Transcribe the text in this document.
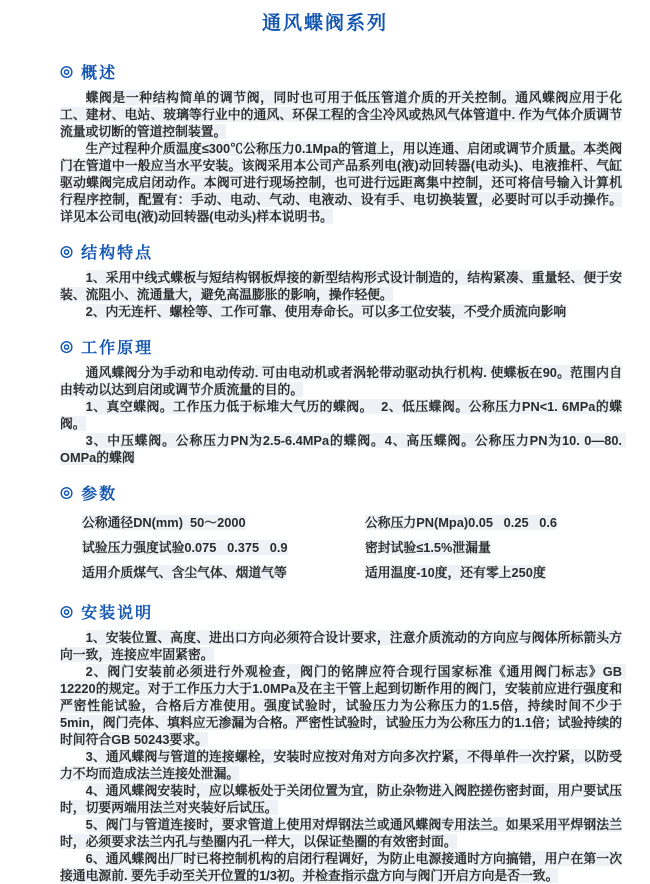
通风蝶阀系列
◎ 概述

蝶阀是一种结构简单的调节阀，同时也可用于低压管道介质的开关控制。通风蝶阀应用于化工、建材、电站、玻璃等行业中的通风、环保工程的含尘冷风或热风气体管道中. 作为气体介质调节流量或切断的管道控制装置。

生产过程种介质温度≤300℃公称压力0.1Mpa的管道上，用以连通、启闭或调节介质量。本类阀门在管道中一般应当水平安装。该阀采用本公司产品系列电(液)动回转器(电动头)、电液推杆、气缸驱动蝶阀完成启闭动作。本阀可进行现场控制，也可进行远距离集中控制，还可将信号输入计算机行程序控制，配置有：手动、电动、气动、电液动、设有手、电切换装置，必要时可以手动操作。详见本公司电(液)动回转器(电动头)样本说明书。

◎ 结构特点

1、采用中线式蝶板与短结构钢板焊接的新型结构形式设计制造的，结构紧凑、重量轻、便于安装、流阻小、流通量大，避免高温膨胀的影响，操作轻便。

2、内无连杆、螺栓等、工作可靠、使用寿命长。可以多工位安装，不受介质流向影响

◎ 工作原理

通风蝶阀分为手动和电动传动. 可由电动机或者涡轮带动驱动执行机构. 使蝶板在90。范围内自由转动以达到启闭或调节介质流量的目的。

1、真空蝶阀。工作压力低于标堆大气历的蝶阀。  2、低压蝶阀。公称压力PN<1. 6MPa的蝶阀。

3、中压蝶阀。公称压力PN为2.5-6.4MPa的蝶阀。4、高压蝶阀。公称压力PN为10. 0—80. OMPa的蝶阀

◎ 参数
公称通径DN(mm)  50～2000
试验压力强度试验0.075   0.375   0.9
适用介质煤气、含尘气体、烟道气等
公称压力PN(Mpa)0.05   0.25   0.6
密封试验≤1.5%泄漏量
适用温度-10度，还有零上250度
◎ 安装说明

1、安装位置、高度、进出口方向必须符合设计要求，注意介质流动的方向应与阀体所标箭头方向一致，连接应牢固紧密。

2、阀门安装前必须进行外观检查，阀门的铭牌应符合现行国家标准《通用阀门标志》GB 12220的规定。对于工作压力大于1.0MPa及在主干管上起到切断作用的阀门，安装前应进行强度和严密性能试验，合格后方准使用。强度试验时，试验压力为公称压力的1.5倍，持续时间不少于5min，阀门壳体、填料应无渗漏为合格。严密性试验时，试验压力为公称压力的1.1倍；试验持续的时间符合GB 50243要求。

3、通风蝶阀与管道的连接螺栓，安装时应按对角对方向多次拧紧，不得单件一次拧紧，以防受力不均而造成法兰连接处泄漏。

4、通风蝶阀安装时，应以蝶板处于关闭位置为宜，防止杂物进入阀腔搓伤密封面，用户要试压时，切要两端用法兰对夹装好后试压。

5、阀门与管道连接时，要求管道上使用对焊钢法兰或通风蝶阀专用法兰。如果采用平焊钢法兰时，必须要求法兰内孔与垫圈内孔一样大，以保证垫圈的有效密封面。

6、通风蝶阀出厂时已将控制机构的启闭行程调好，为防止电源接通时方向搞错，用户在第一次接通电源前. 要先手动至关开位置的1/3初。并检查指示盘方向与阀门开启方向是否一致。
